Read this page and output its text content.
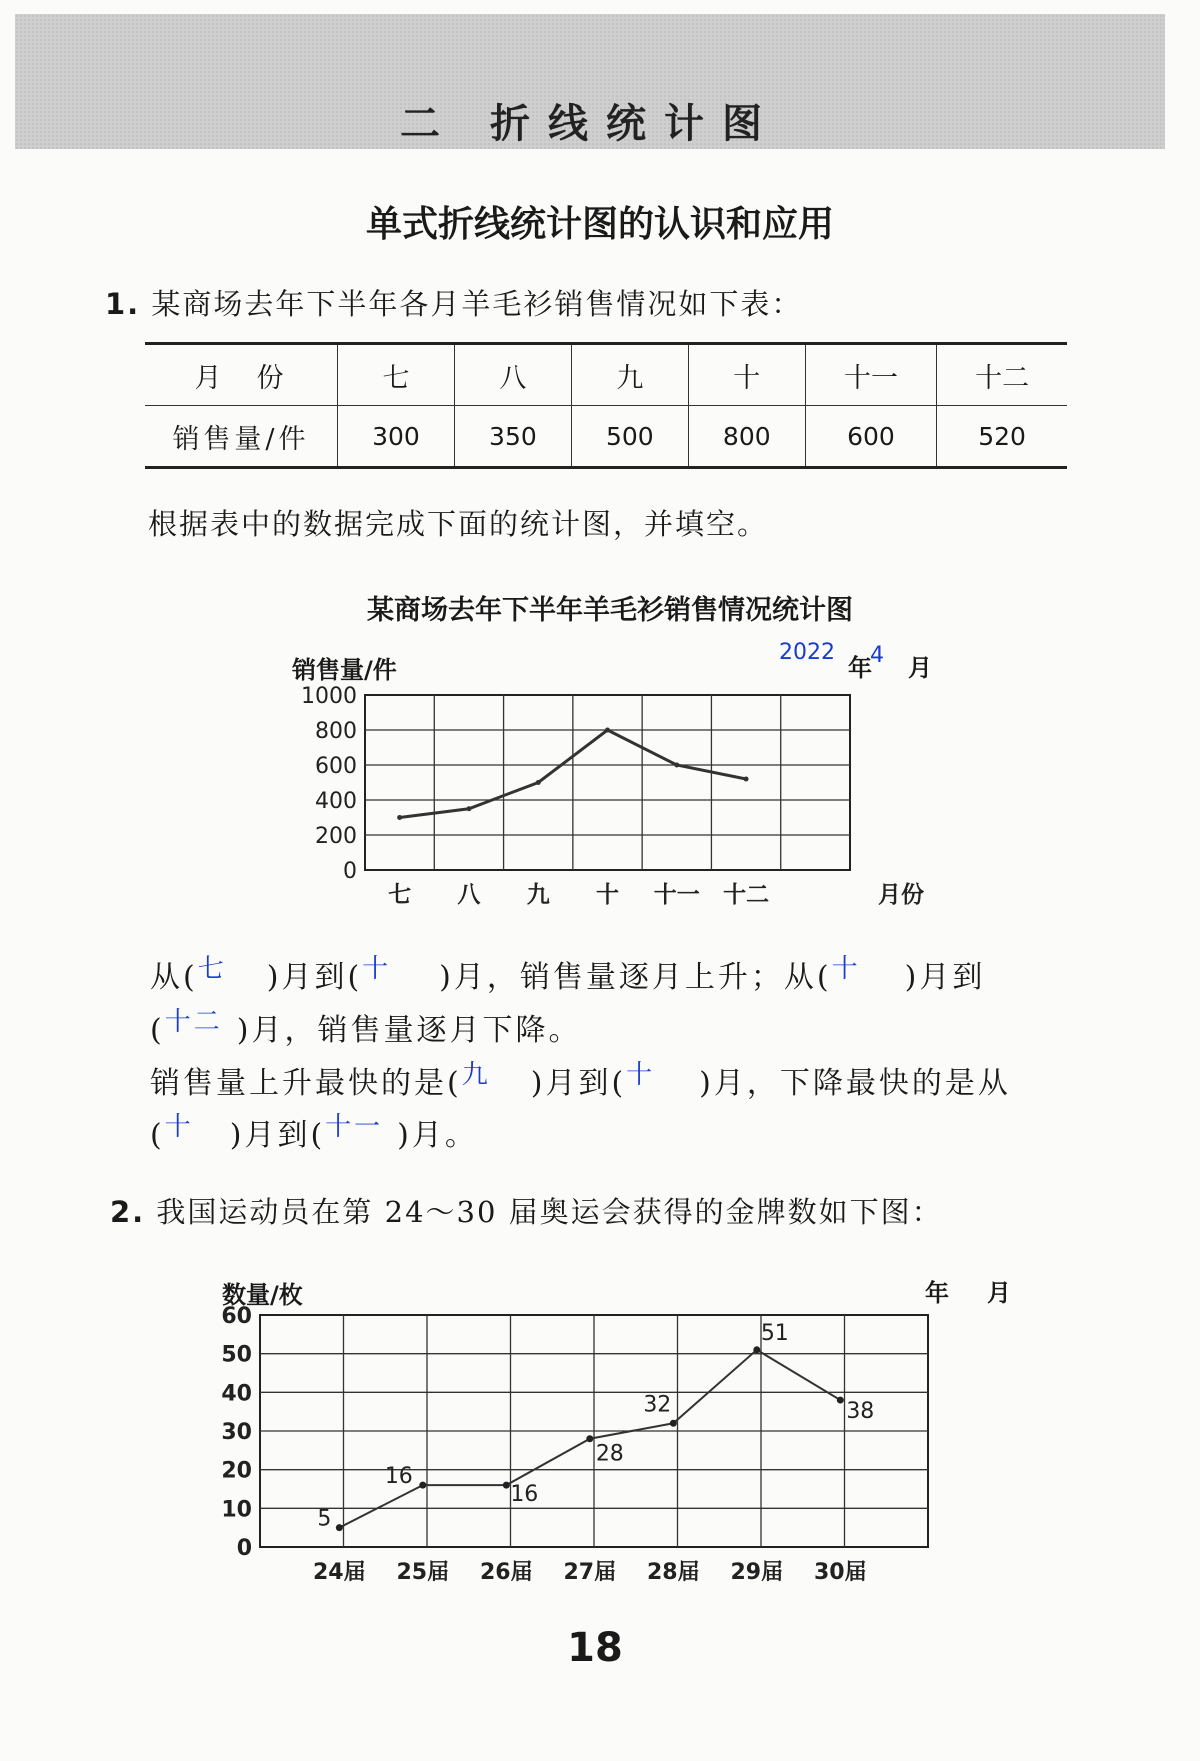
二 折线统计图
单式折线统计图的认识和应用
1. 某商场去年下半年各月羊毛衫销售情况如下表：
月　份	七	八	九	十	十一	十二
销售量/件	300	350	500	800	600	520
根据表中的数据完成下面的统计图，并填空。
某商场去年下半年羊毛衫销售情况统计图
销售量/件
2022
年
4 月
0
200
400
600
800
1000
七 八 九 十 十一 十二	月份
从(七 )月到(十 )月，销售量逐月上升；从(十 )月到
(十二 )月，销售量逐月下降。
销售量上升最快的是(九 )月到(十 )月，下降最快的是从
(十 )月到(十一 )月。
2. 我国运动员在第 24～30 届奥运会获得的金牌数如下图：
数量/枚	年 月
0
10
20
30
40
50
60
5
16
16
28
32
51
38
24届 25届 26届 27届 28届 29届 30届
18
